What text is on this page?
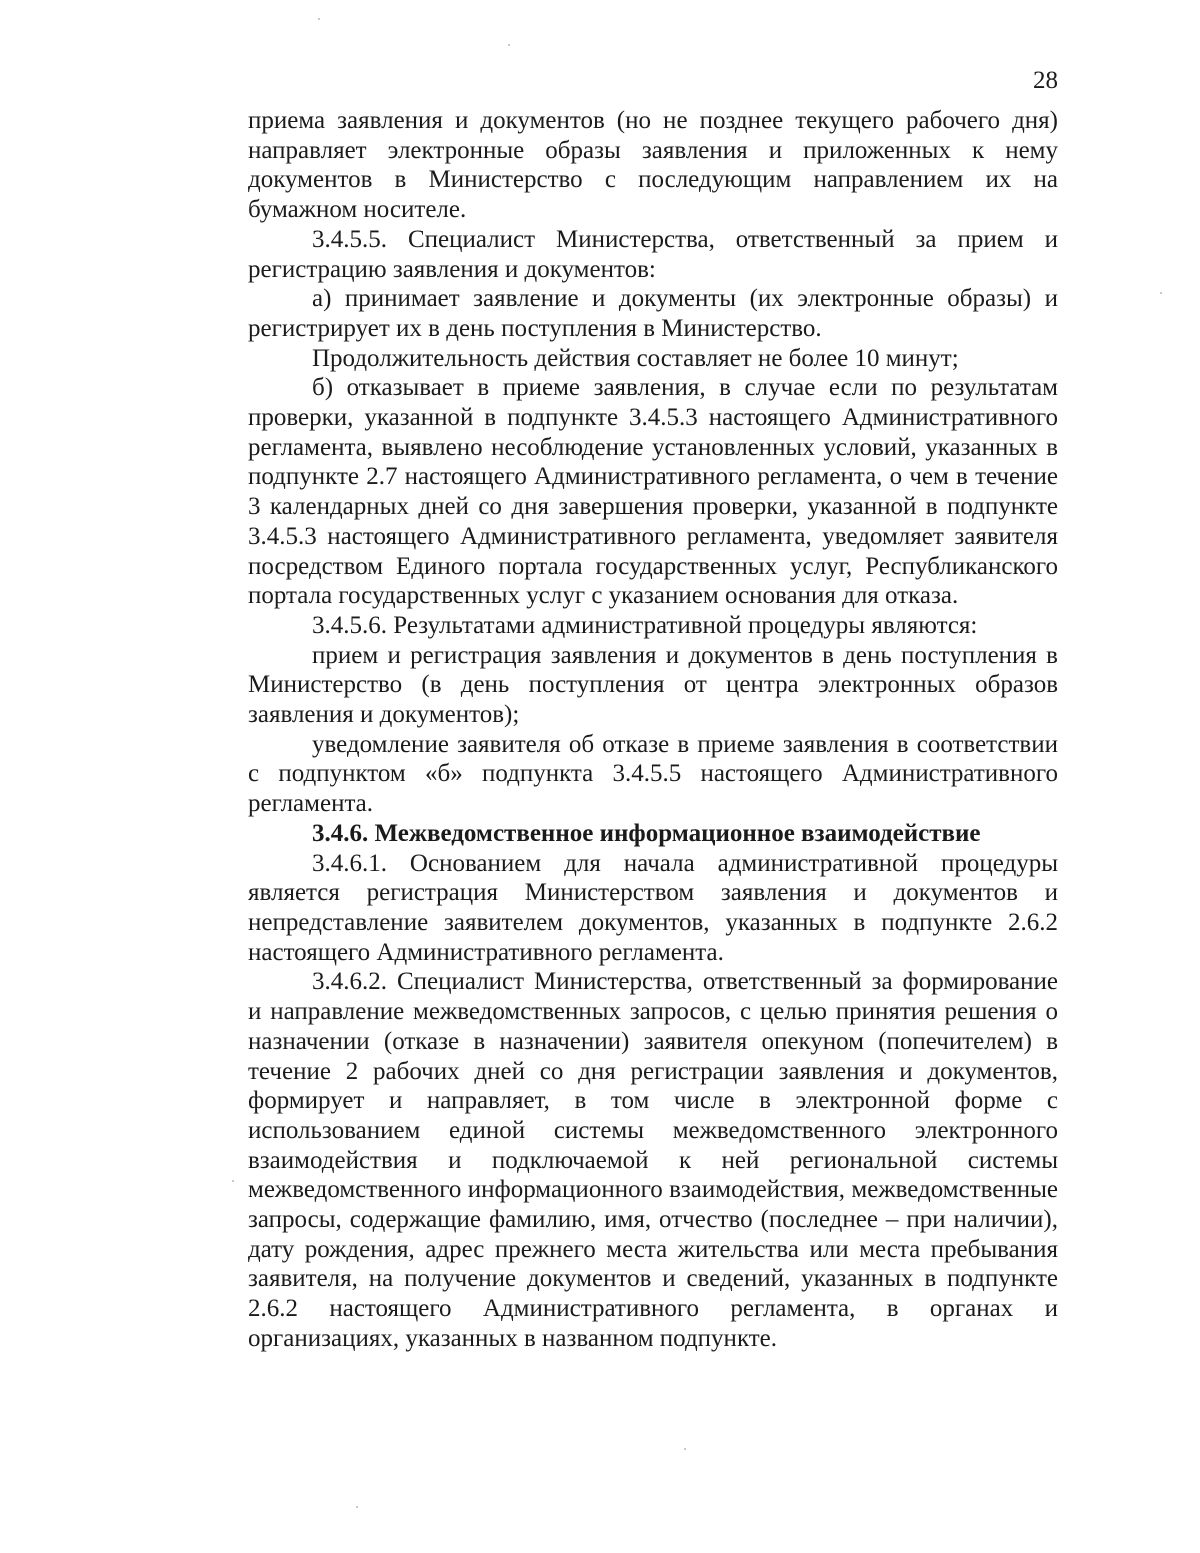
28

приема заявления и документов (но не позднее текущего рабочего дня) направляет электронные образы заявления и приложенных к нему документов в Министерство с последующим направлением их на бумажном носителе.

3.4.5.5. Специалист Министерства, ответственный за прием и регистрацию заявления и документов:

а) принимает заявление и документы (их электронные образы) и регистрирует их в день поступления в Министерство.

Продолжительность действия составляет не более 10 минут;

б) отказывает в приеме заявления, в случае если по результатам проверки, указанной в подпункте 3.4.5.3 настоящего Административного регламента, выявлено несоблюдение установленных условий, указанных в подпункте 2.7 настоящего Административного регламента, о чем в течение 3 календарных дней со дня завершения проверки, указанной в подпункте 3.4.5.3 настоящего Административного регламента, уведомляет заявителя посредством Единого портала государственных услуг, Республиканского портала государственных услуг с указанием основания для отказа.

3.4.5.6. Результатами административной процедуры являются:

прием и регистрация заявления и документов в день поступления в Министерство (в день поступления от центра электронных образов заявления и документов);

уведомление заявителя об отказе в приеме заявления в соответствии с подпунктом «б» подпункта 3.4.5.5 настоящего Административного регламента.

3.4.6. Межведомственное информационное взаимодействие

3.4.6.1. Основанием для начала административной процедуры является регистрация Министерством заявления и документов и непредставление заявителем документов, указанных в подпункте 2.6.2 настоящего Административного регламента.

3.4.6.2. Специалист Министерства, ответственный за формирование и направление межведомственных запросов, с целью принятия решения о назначении (отказе в назначении) заявителя опекуном (попечителем) в течение 2 рабочих дней со дня регистрации заявления и документов, формирует и направляет, в том числе в электронной форме с использованием единой системы межведомственного электронного взаимодействия и подключаемой к ней региональной системы межведомственного информационного взаимодействия, межведомственные запросы, содержащие фамилию, имя, отчество (последнее – при наличии), дату рождения, адрес прежнего места жительства или места пребывания заявителя, на получение документов и сведений, указанных в подпункте 2.6.2 настоящего Административного регламента, в органах и организациях, указанных в названном подпункте.
